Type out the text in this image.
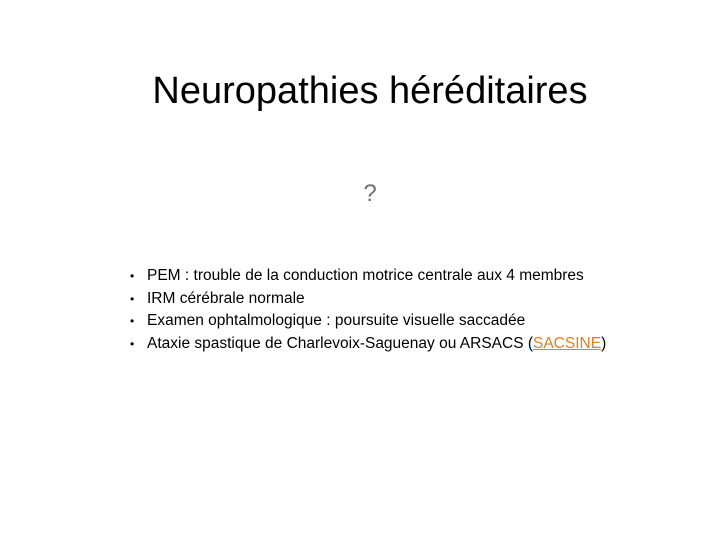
Neuropathies héréditaires
?
• PEM : trouble de la conduction motrice centrale aux 4 membres
• IRM cérébrale normale
• Examen ophtalmologique : poursuite visuelle saccadée
• Ataxie spastique de Charlevoix-Saguenay ou ARSACS (SACSINE)
